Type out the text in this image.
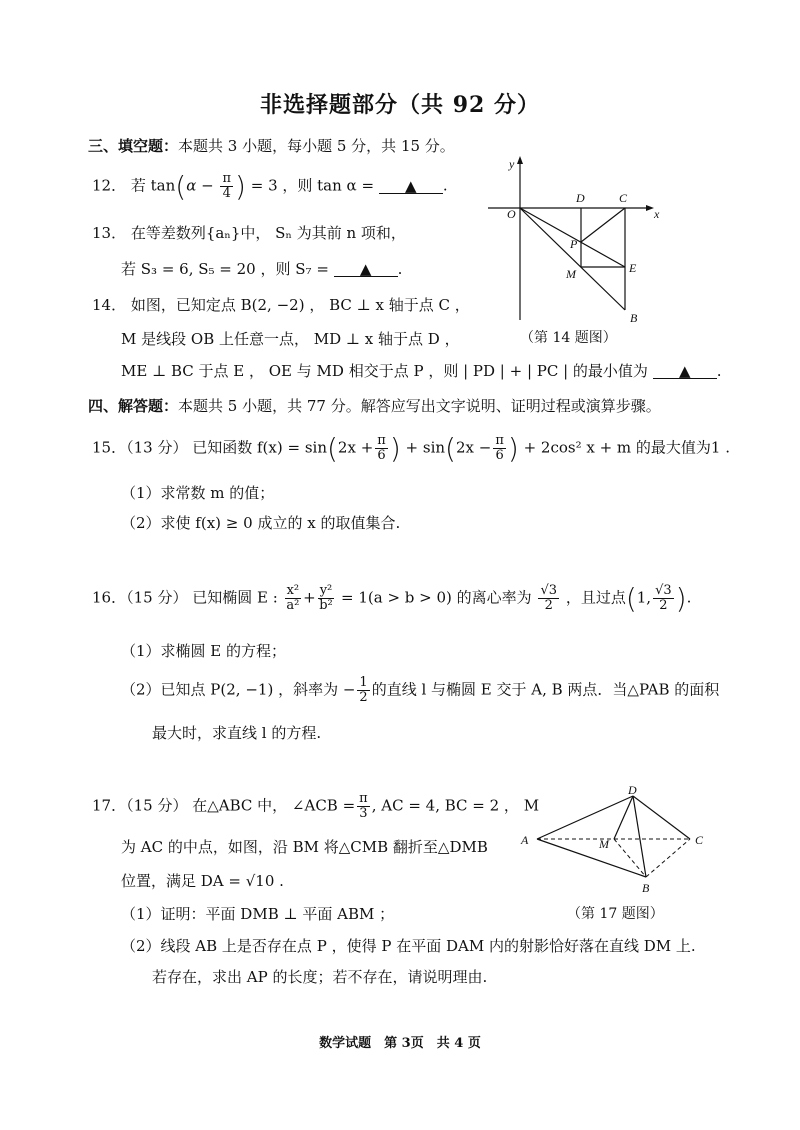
非选择题部分（共 92 分）
三、填空题：本题共 3 小题，每小题 5 分，共 15 分。
12． 若 $\tan(\alpha - \frac{\pi}{4}$ ) = 3 ，则 tan α = ▲ .
13． 在等差数列{aₙ}中， Sₙ 为其前 n 项和，
若 S₃ = 6, S₅ = 20 ，则 S₇ = ▲ .
14． 如图，已知定点 B(2, −2) ， BC ⊥ x 轴于点 C ，
M 是线段 OB 上任意一点， MD ⊥ x 轴于点 D ，
ME ⊥ BC 于点 E ， OE 与 MD 相交于点 P ，则 | PD | + | PC | 的最小值为 ▲ .
y
x
O
D	C
P
M	E
B
（第 14 题图）
四、解答题：本题共 5 小题，共 77 分。解答应写出文字说明、证明过程或演算步骤。
15．（13 分） 已知函数 $f(x) = \sin(2x + \frac{\pi}{6}$ ) + $\sin(2x - \frac{\pi}{6}$ ) + 2cos² x + m 的最大值为1 .
（1）求常数 m 的值；
（2）求使 f(x) ≥ 0 成立的 x 的取值集合.
16．（15 分） 已知椭圆 E : $\frac{\text{x²}}{\text{a²}} + \frac{\text{y²}}{\text{b²}} = 1(a > b > 0)$ 的离心率为 $\frac{√3}{2}$ ，且过点(1, $\frac{√3}{2}$ ).
（1）求椭圆 E 的方程；
（2）已知点 P(2, −1) ，斜率为 − $\frac{1}{2}$ 的直线 l 与椭圆 E 交于 A, B 两点．当△PAB 的面积
最大时，求直线 l 的方程.
17．（15 分） 在△ABC 中， ∠ACB = $\frac{\pi}{3}$ , AC = 4, BC = 2 ， M
为 AC 的中点，如图，沿 BM 将△CMB 翻折至△DMB
位置，满足 DA = √10 .
（1）证明：平面 DMB ⊥ 平面 ABM ；
（2）线段 AB 上是否存在点 P ，使得 P 在平面 DAM 内的射影恰好落在直线 DM 上.
若存在，求出 AP 的长度；若不存在，请说明理由.
A	M	C
D
B
（第 17 题图）
数学试题　第 3页　共 4 页
